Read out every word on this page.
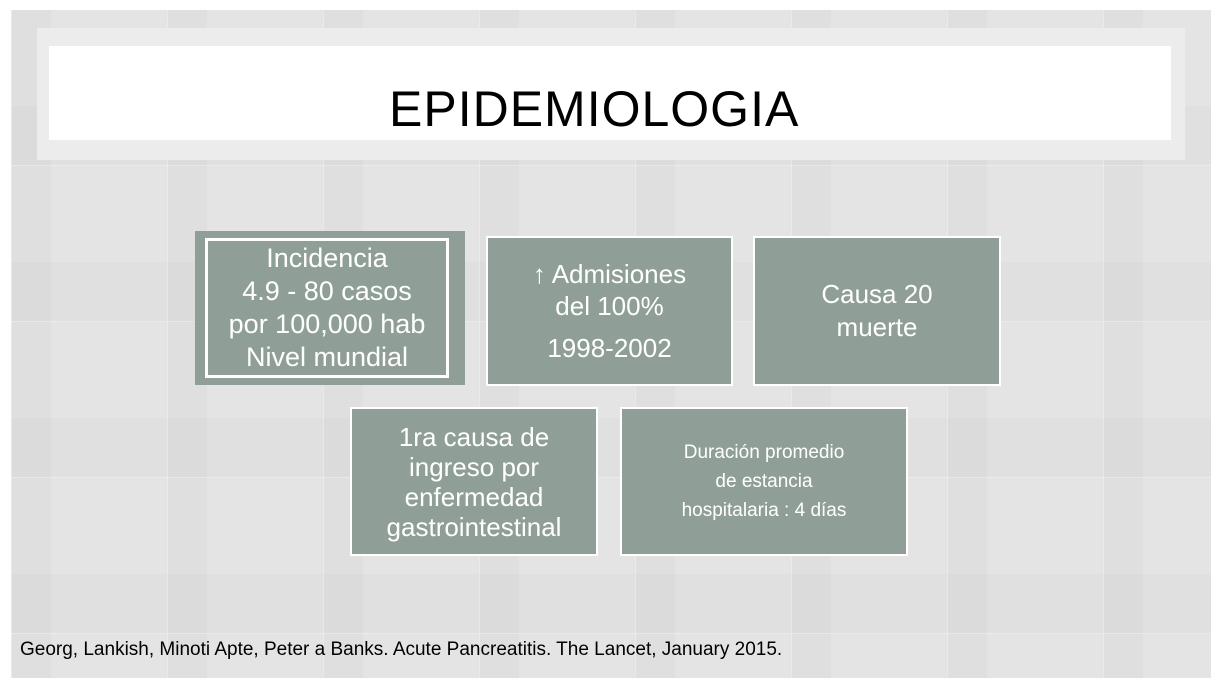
EPIDEMIOLOGIA
Incidencia
4.9 - 80 casos
por 100,000 hab
Nivel mundial
↑ Admisiones
del 100%
1998-2002
Causa 20
muerte
1ra causa de
ingreso por
enfermedad
gastrointestinal
Duración promedio
de estancia
hospitalaria : 4 días
Georg, Lankish, Minoti Apte, Peter a Banks. Acute Pancreatitis. The Lancet, January 2015.
